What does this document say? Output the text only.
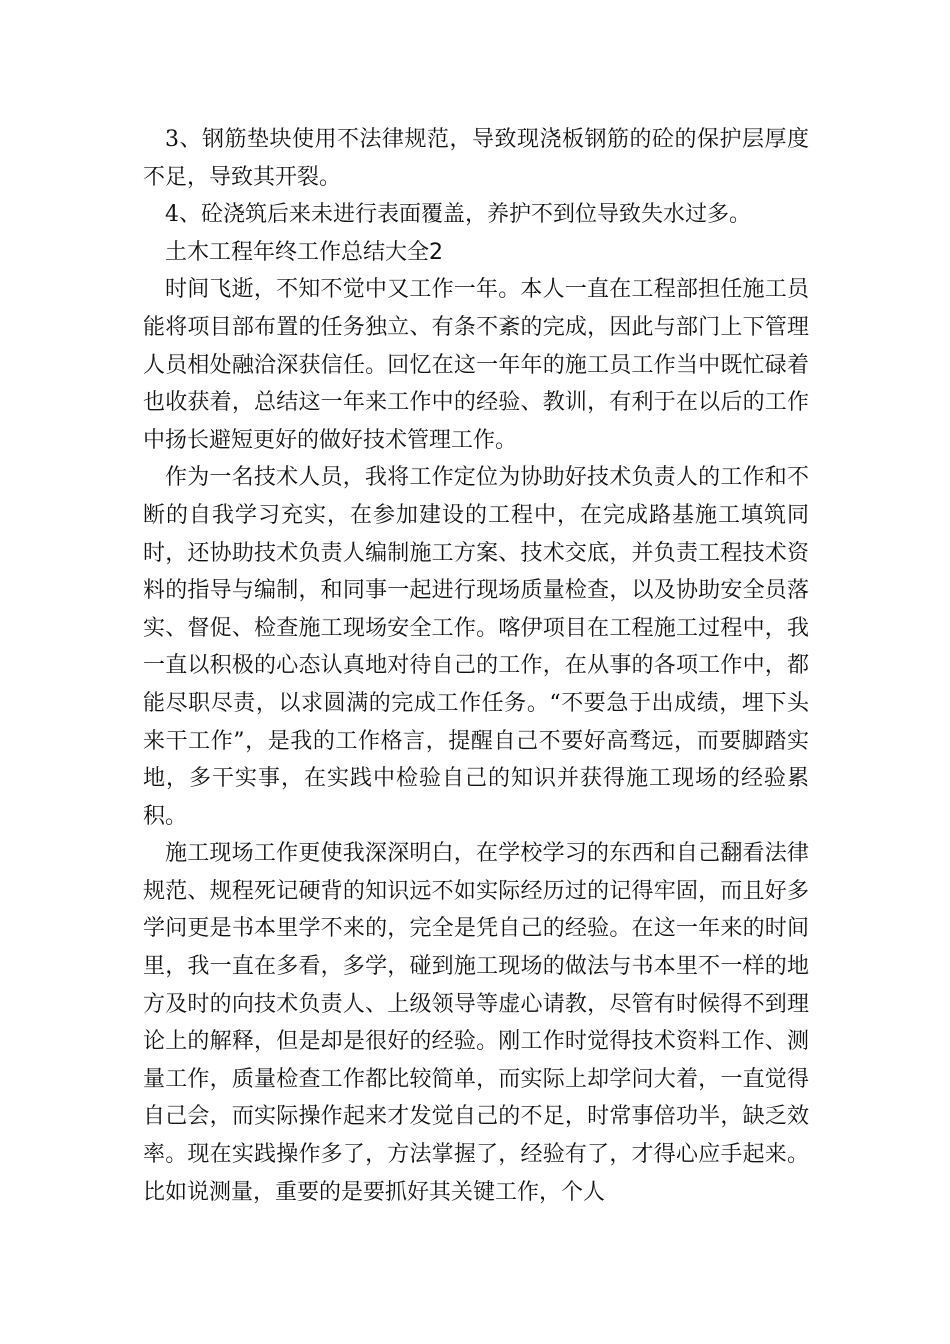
3、钢筋垫块使用不法律规范，导致现浇板钢筋的砼的保护层厚度不足，导致其开裂。

4、砼浇筑后来未进行表面覆盖，养护不到位导致失水过多。

土木工程年终工作总结大全2

时间飞逝，不知不觉中又工作一年。本人一直在工程部担任施工员能将项目部布置的任务独立、有条不紊的完成，因此与部门上下管理人员相处融洽深获信任。回忆在这一年年的施工员工作当中既忙碌着也收获着，总结这一年来工作中的经验、教训，有利于在以后的工作中扬长避短更好的做好技术管理工作。

作为一名技术人员，我将工作定位为协助好技术负责人的工作和不断的自我学习充实，在参加建设的工程中，在完成路基施工填筑同时，还协助技术负责人编制施工方案、技术交底，并负责工程技术资料的指导与编制，和同事一起进行现场质量检查，以及协助安全员落实、督促、检查施工现场安全工作。喀伊项目在工程施工过程中，我一直以积极的心态认真地对待自己的工作，在从事的各项工作中，都能尽职尽责，以求圆满的完成工作任务。“不要急于出成绩，埋下头来干工作”，是我的工作格言，提醒自己不要好高骛远，而要脚踏实地，多干实事，在实践中检验自己的知识并获得施工现场的经验累积。

施工现场工作更使我深深明白，在学校学习的东西和自己翻看法律规范、规程死记硬背的知识远不如实际经历过的记得牢固，而且好多学问更是书本里学不来的，完全是凭自己的经验。在这一年来的时间里，我一直在多看，多学，碰到施工现场的做法与书本里不一样的地方及时的向技术负责人、上级领导等虚心请教，尽管有时候得不到理论上的解释，但是却是很好的经验。刚工作时觉得技术资料工作、测量工作，质量检查工作都比较简单，而实际上却学问大着，一直觉得自己会，而实际操作起来才发觉自己的不足，时常事倍功半，缺乏效率。现在实践操作多了，方法掌握了，经验有了，才得心应手起来。比如说测量，重要的是要抓好其关键工作，个人
